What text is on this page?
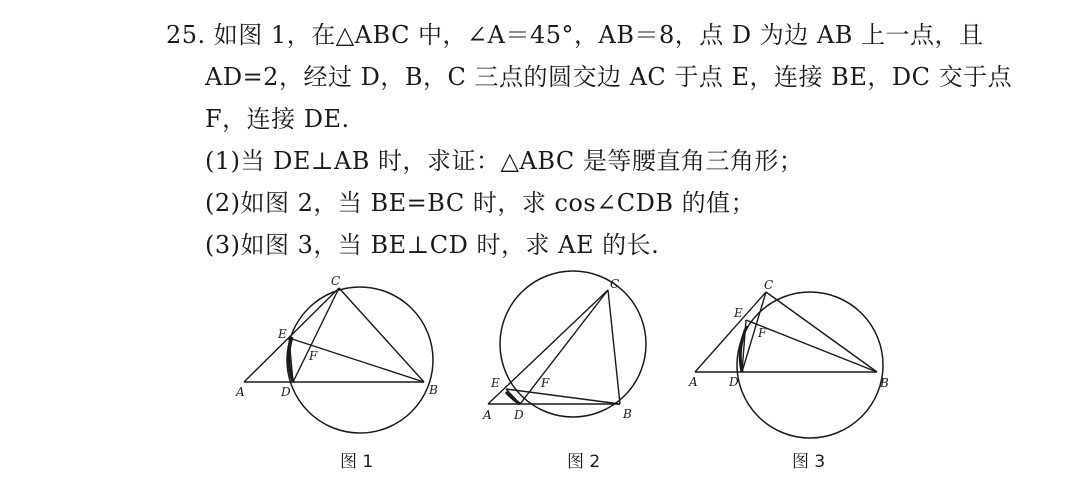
25. 如图 1，在△ABC 中，∠A＝45°，AB＝8，点 D 为边 AB 上一点，且
AD=2，经过 D，B，C 三点的圆交边 AC 于点 E，连接 BE，DC 交于点
F，连接 DE.
(1)当 DE⊥AB 时，求证：△ABC 是等腰直角三角形；
(2)如图 2，当 BE=BC 时，求 cos∠CDB 的值；
(3)如图 3，当 BE⊥CD 时，求 AE 的长.
A	D	B
C
E
F
图 1
A D	B
C
E	F
图 2
A	D	B
C
E
F
图 3
